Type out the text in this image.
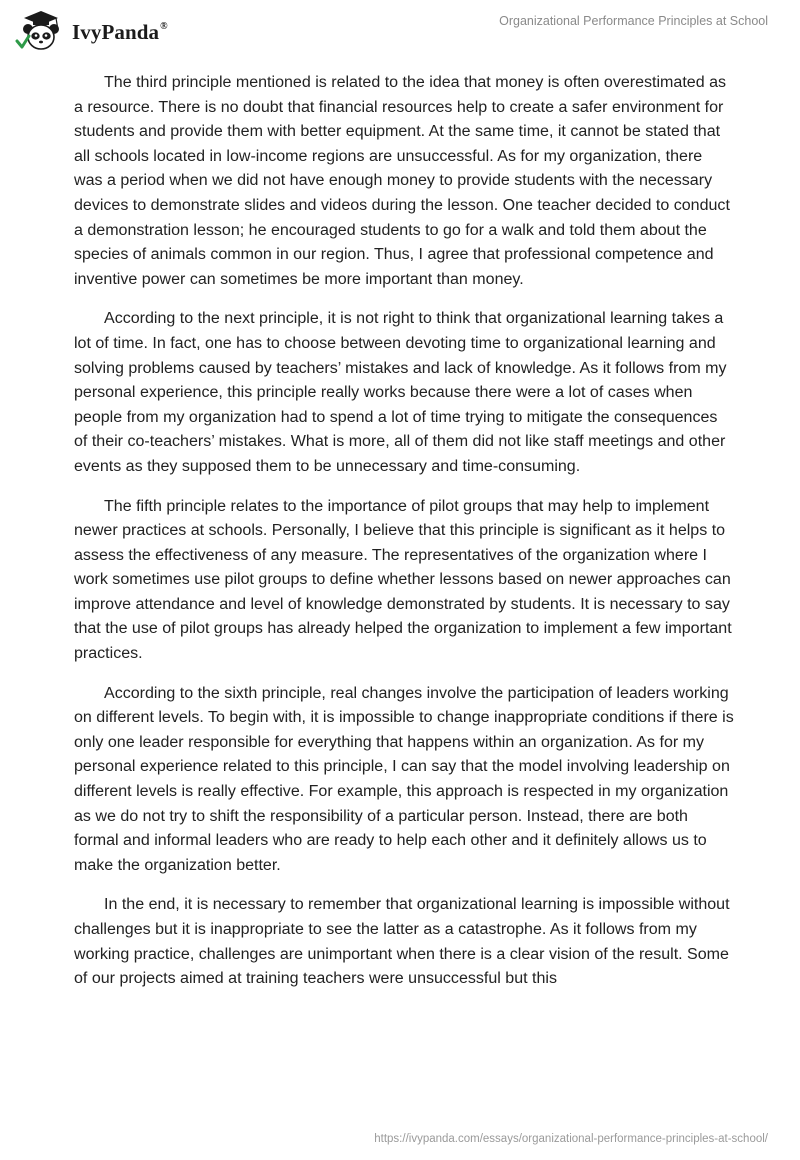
IvyPanda®	Organizational Performance Principles at School

The third principle mentioned is related to the idea that money is often overestimated as a resource. There is no doubt that financial resources help to create a safer environment for students and provide them with better equipment. At the same time, it cannot be stated that all schools located in low-income regions are unsuccessful. As for my organization, there was a period when we did not have enough money to provide students with the necessary devices to demonstrate slides and videos during the lesson. One teacher decided to conduct a demonstration lesson; he encouraged students to go for a walk and told them about the species of animals common in our region. Thus, I agree that professional competence and inventive power can sometimes be more important than money.

According to the next principle, it is not right to think that organizational learning takes a lot of time. In fact, one has to choose between devoting time to organizational learning and solving problems caused by teachers’ mistakes and lack of knowledge. As it follows from my personal experience, this principle really works because there were a lot of cases when people from my organization had to spend a lot of time trying to mitigate the consequences of their co-teachers’ mistakes. What is more, all of them did not like staff meetings and other events as they supposed them to be unnecessary and time-consuming.

The fifth principle relates to the importance of pilot groups that may help to implement newer practices at schools. Personally, I believe that this principle is significant as it helps to assess the effectiveness of any measure. The representatives of the organization where I work sometimes use pilot groups to define whether lessons based on newer approaches can improve attendance and level of knowledge demonstrated by students. It is necessary to say that the use of pilot groups has already helped the organization to implement a few important practices.

According to the sixth principle, real changes involve the participation of leaders working on different levels. To begin with, it is impossible to change inappropriate conditions if there is only one leader responsible for everything that happens within an organization. As for my personal experience related to this principle, I can say that the model involving leadership on different levels is really effective. For example, this approach is respected in my organization as we do not try to shift the responsibility of a particular person. Instead, there are both formal and informal leaders who are ready to help each other and it definitely allows us to make the organization better.

In the end, it is necessary to remember that organizational learning is impossible without challenges but it is inappropriate to see the latter as a catastrophe. As it follows from my working practice, challenges are unimportant when there is a clear vision of the result. Some of our projects aimed at training teachers were unsuccessful but this

https://ivypanda.com/essays/organizational-performance-principles-at-school/
